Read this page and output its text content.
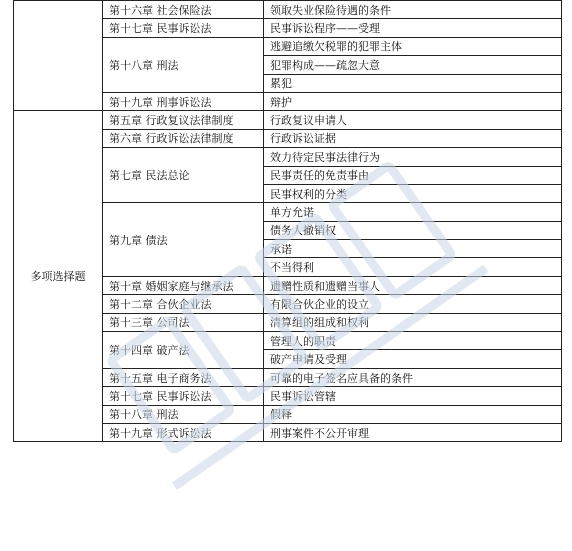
	第十六章 社会保险法	领取失业保险待遇的条件
	第十七章 民事诉讼法	民事诉讼程序——受理
	第十八章 刑法	逃避追缴欠税罪的犯罪主体
		犯罪构成——疏忽大意
		累犯
	第十九章 刑事诉讼法	辩护
多项选择题	第五章 行政复议法律制度	行政复议申请人
	第六章 行政诉讼法律制度	行政诉讼证据
	第七章 民法总论	效力待定民事法律行为
		民事责任的免责事由
		民事权利的分类
	第九章 债法	单方允诺
		债务人撤销权
		承诺
		不当得利
	第十章 婚姻家庭与继承法	遗赠性质和遗赠当事人
	第十二章 合伙企业法	有限合伙企业的设立
	第十三章 公司法	清算组的组成和权利
	第十四章 破产法	管理人的职责
		破产申请及受理
	第十五章 电子商务法	可靠的电子签名应具备的条件
	第十七章 民事诉讼法	民事诉讼管辖
	第十八章 刑法	假释
	第十九章 形式诉讼法	刑事案件不公开审理
